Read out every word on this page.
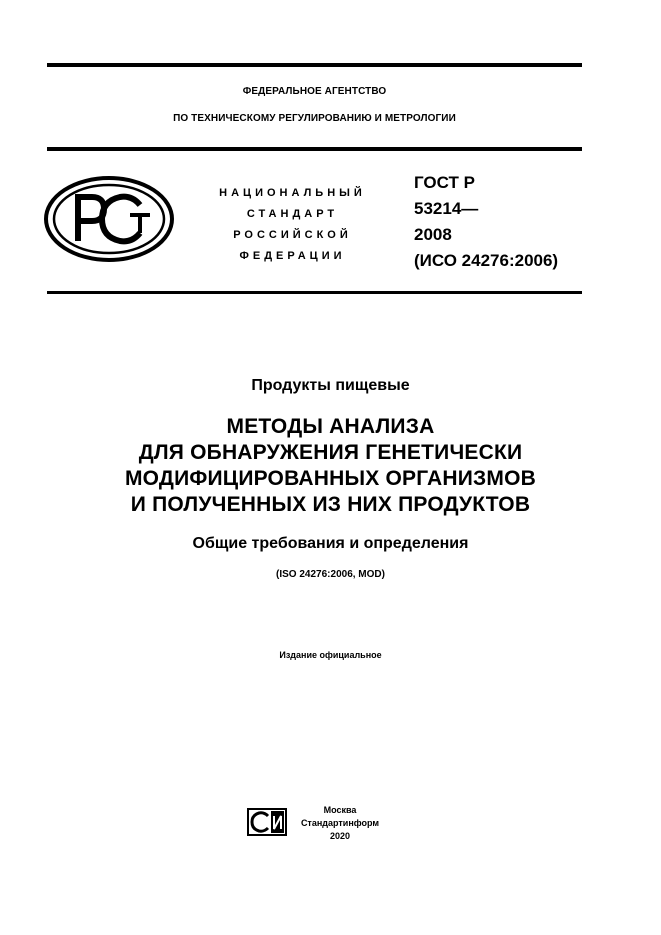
ФЕДЕРАЛЬНОЕ АГЕНТСТВО
ПО ТЕХНИЧЕСКОМУ РЕГУЛИРОВАНИЮ И МЕТРОЛОГИИ
НАЦИОНАЛЬНЫЙ
СТАНДАРТ
РОССИЙСКОЙ
ФЕДЕРАЦИИ
ГОСТ Р
53214—
2008
(ИСО 24276:2006)
Продукты пищевые
МЕТОДЫ АНАЛИЗА
ДЛЯ ОБНАРУЖЕНИЯ ГЕНЕТИЧЕСКИ
МОДИФИЦИРОВАННЫХ ОРГАНИЗМОВ
И ПОЛУЧЕННЫХ ИЗ НИХ ПРОДУКТОВ
Общие требования и определения
(ISO 24276:2006, MOD)
Издание официальное
Москва
Стандартинформ
2020
